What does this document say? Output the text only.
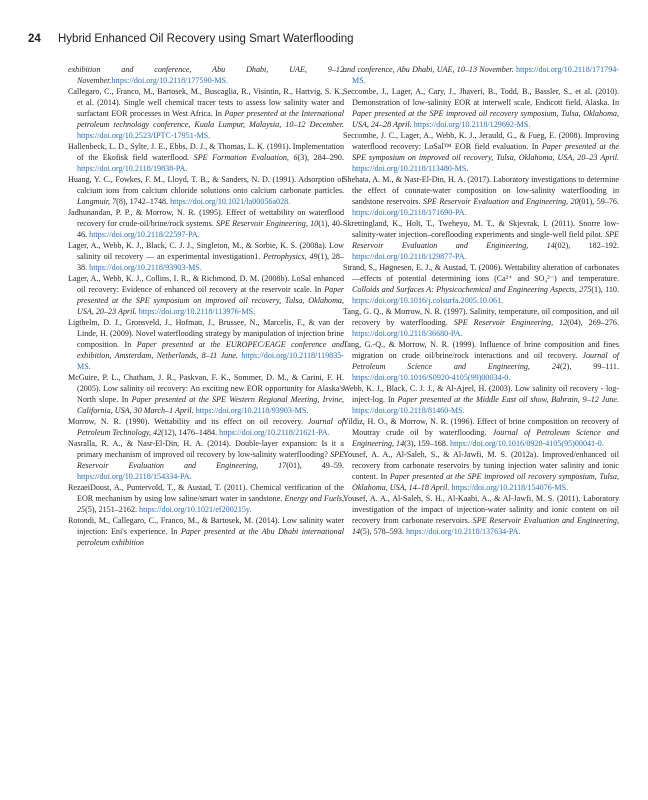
24 Hybrid Enhanced Oil Recovery using Smart Waterflooding

exhibition and conference, Abu Dhabi, UAE, 9–12 November.https://doi.org/10.2118/177590-MS.

Callegaro, C., Franco, M., Bartosek, M., Buscaglia, R., Visintin, R., Hartvig, S. K., et al. (2014). Single well chemical tracer tests to assess low salinity water and surfactant EOR processes in West Africa. In Paper presented at the International petroleum technology conference, Kuala Lumpur, Malaysia, 10–12 December. https://doi.org/10.2523/IPTC-17951-MS.

Hallenbeck, L. D., Sylte, J. E., Ebbs, D. J., & Thomas, L. K. (1991). Implementation of the Ekofisk field waterflood. SPE Formation Evaluation, 6(3), 284–290. https://doi.org/10.2118/19838-PA.

Huang, Y. C., Fowkes, F. M., Lloyd, T. B., & Sanders, N. D. (1991). Adsorption of calcium ions from calcium chloride solutions onto calcium carbonate particles. Langmuir, 7(8), 1742–1748. https://doi.org/10.1021/la00056a028.

Jadhunandan, P. P., & Morrow, N. R. (1995). Effect of wettability on waterflood recovery for crude-oil/brine/rock systems. SPE Reservoir Engineering, 10(1), 40–46. https://doi.org/10.2118/22597-PA.

Lager, A., Webb, K. J., Black, C. J. J., Singleton, M., & Sorbie, K. S. (2008a). Low salinity oil recovery — an experimental investigation1. Petrophysics, 49(1), 28–38. https://doi.org/10.2118/93903-MS.

Lager, A., Webb, K. J., Collins, I. R., & Richmond, D. M. (2008b). LoSal enhanced oil recovery: Evidence of enhanced oil recovery at the reservoir scale. In Paper presented at the SPE symposium on improved oil recovery, Tulsa, Oklahoma, USA, 20–23 April. https://doi.org/10.2118/113976-MS.

Ligthelm, D. J., Gronsveld, J., Hofman, J., Brussee, N., Marcelis, F., & van der Linde, H. (2009). Novel waterflooding strategy by manipulation of injection brine composition. In Paper presented at the EUROPEC/EAGE conference and exhibition, Amsterdam, Netherlands, 8–11 June. https://doi.org/10.2118/119835-MS.

McGuire, P. L., Chatham, J. R., Paskvan, F. K., Sommer, D. M., & Carini, F. H. (2005). Low salinity oil recovery: An exciting new EOR opportunity for Alaska's North slope. In Paper presented at the SPE Western Regional Meeting, Irvine, California, USA, 30 March–1 April. https://doi.org/10.2118/93903-MS.

Morrow, N. R. (1990). Wettability and its effect on oil recovery. Journal of Petroleum Technology, 42(12), 1476–1484. https://doi.org/10.2118/21621-PA.

Nasralla, R. A., & Nasr-El-Din, H. A. (2014). Double-layer expansion: Is it a primary mechanism of improved oil recovery by low-salinity waterflooding? SPE Reservoir Evaluation and Engineering, 17(01), 49–59. https://doi.org/10.2118/154334-PA.

RezaeiDoust, A., Puntervold, T., & Austad, T. (2011). Chemical verification of the EOR mechanism by using low saline/smart water in sandstone. Energy and Fuels, 25(5), 2151–2162. https://doi.org/10.1021/ef200215y.

Rotondi, M., Callegaro, C., Franco, M., & Bartosek, M. (2014). Low salinity water injection: Eni's experience. In Paper presented at the Abu Dhabi international petroleum exhibition

and conference, Abu Dhabi, UAE, 10–13 November. https://doi.org/10.2118/171794-MS.

Seccombe, J., Lager, A., Cary, J., Jhaveri, B., Todd, B., Bassler, S., et al. (2010). Demonstration of low-salinity EOR at interwell scale, Endicott field, Alaska. In Paper presented at the SPE improved oil recovery symposium, Tulsa, Oklahoma, USA, 24–28 April. https://doi.org/10.2118/129692-MS.

Seccombe, J. C., Lager, A., Webb, K. J., Jerauld, G., & Fueg, E. (2008). Improving waterflood recovery: LoSal™ EOR field evaluation. In Paper presented at the SPE symposium on improved oil recovery, Tulsa, Oklahoma, USA, 20–23 April. https://doi.org/10.2118/113480-MS.

Shehata, A. M., & Nasr-El-Din, H. A. (2017). Laboratory investigations to determine the effect of connate-water composition on low-salinity waterflooding in sandstone reservoirs. SPE Reservoir Evaluation and Engineering, 20(01), 59–76. https://doi.org/10.2118/171690-PA.

Skrettingland, K., Holt, T., Tweheyo, M. T., & Skjevrak, I. (2011). Snorre low-salinity-water injection–coreflooding experiments and single-well field pilot. SPE Reservoir Evaluation and Engineering, 14(02), 182–192. https://doi.org/10.2118/129877-PA.

Strand, S., Høgnesen, E. J., & Austad, T. (2006). Wettability alteration of carbonates—effects of potential determining ions (Ca²⁺ and SO₄²⁻) and temperature. Colloids and Surfaces A: Physicochemical and Engineering Aspects, 275(1), 110. https://doi.org/10.1016/j.colsurfa.2005.10.061.

Tang, G. Q., & Morrow, N. R. (1997). Salinity, temperature, oil composition, and oil recovery by waterflooding. SPE Reservoir Engineering, 12(04), 269–276. https://doi.org/10.2118/36680-PA.

Tang, G.-Q., & Morrow, N. R. (1999). Influence of brine composition and fines migration on crude oil/brine/rock interactions and oil recovery. Journal of Petroleum Science and Engineering, 24(2), 99–111. https://doi.org/10.1016/S0920-4105(99)00034-0.

Webb, K. J., Black, C. J. J., & Al-Ajeel, H. (2003). Low salinity oil recovery - log-inject-log. In Paper presented at the Middle East oil show, Bahrain, 9–12 June. https://doi.org/10.2118/81460-MS.

Yildiz, H. O., & Morrow, N. R. (1996). Effect of brine composition on recovery of Moutray crude oil by waterflooding. Journal of Petroleum Science and Engineering, 14(3), 159–168. https://doi.org/10.1016/0920-4105(95)00041-0.

Yousef, A. A., Al-Saleh, S., & Al-Jawfi, M. S. (2012a). Improved/enhanced oil recovery from carbonate reservoirs by tuning injection water salinity and ionic content. In Paper presented at the SPE improved oil recovery symposium, Tulsa, Oklahoma, USA, 14–18 April. https://doi.org/10.2118/154076-MS.

Yousef, A. A., Al-Saleh, S. H., Al-Kaabi, A., & Al-Jawfi, M. S. (2011). Laboratory investigation of the impact of injection-water salinity and ionic content on oil recovery from carbonate reservoirs. SPE Reservoir Evaluation and Engineering, 14(5), 578–593. https://doi.org/10.2118/137634-PA.
